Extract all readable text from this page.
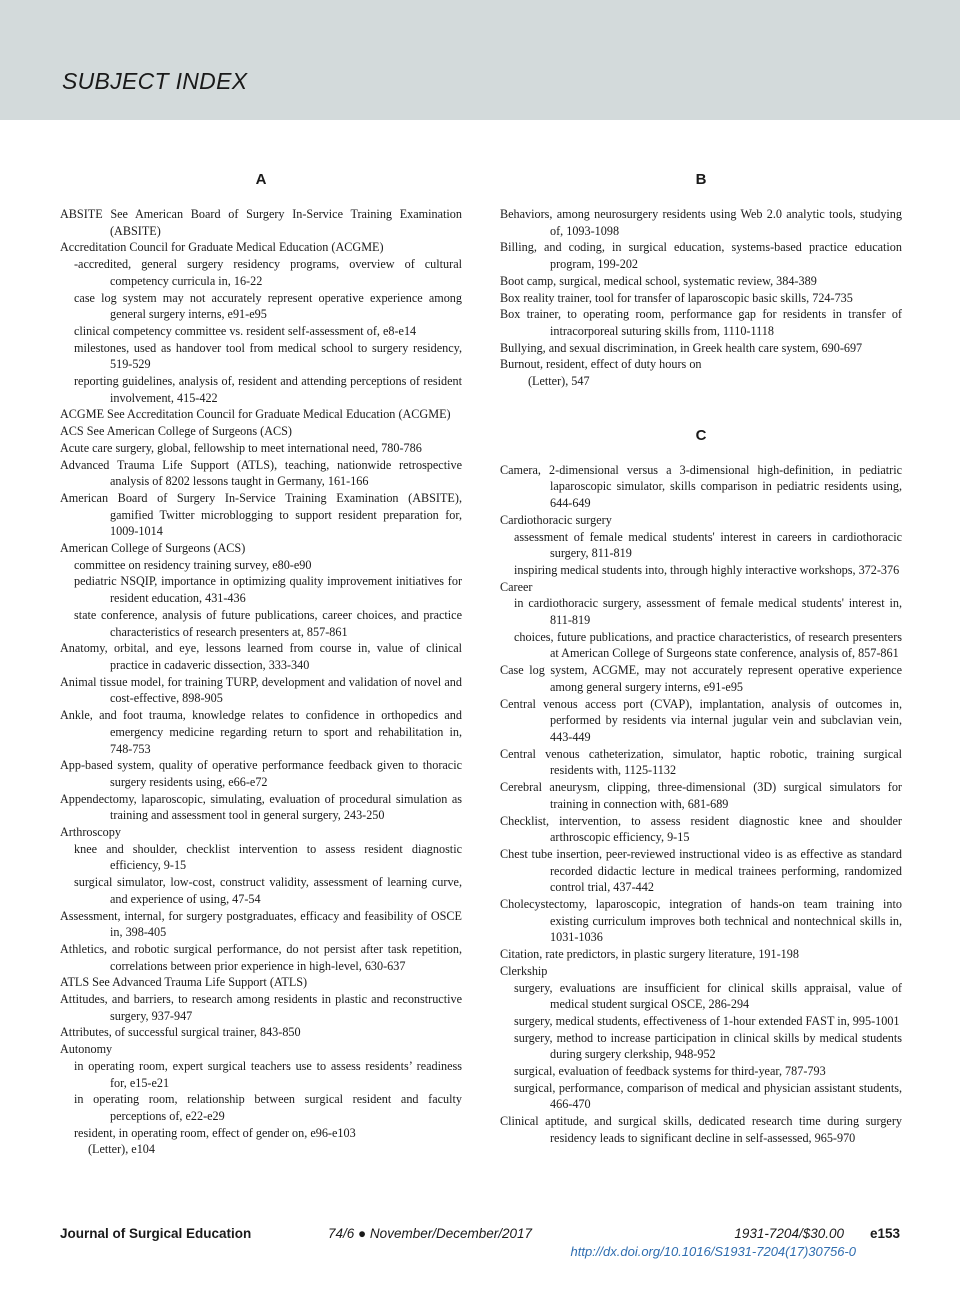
SUBJECT INDEX
A
ABSITE See American Board of Surgery In-Service Training Examination (ABSITE)
Accreditation Council for Graduate Medical Education (ACGME)
-accredited, general surgery residency programs, overview of cultural competency curricula in, 16-22
case log system may not accurately represent operative experience among general surgery interns, e91-e95
clinical competency committee vs. resident self-assessment of, e8-e14
milestones, used as handover tool from medical school to surgery residency, 519-529
reporting guidelines, analysis of, resident and attending perceptions of resident involvement, 415-422
ACGME See Accreditation Council for Graduate Medical Education (ACGME)
ACS See American College of Surgeons (ACS)
Acute care surgery, global, fellowship to meet international need, 780-786
Advanced Trauma Life Support (ATLS), teaching, nationwide retrospective analysis of 8202 lessons taught in Germany, 161-166
American Board of Surgery In-Service Training Examination (ABSITE), gamified Twitter microblogging to support resident preparation for, 1009-1014
American College of Surgeons (ACS)
committee on residency training survey, e80-e90
pediatric NSQIP, importance in optimizing quality improvement initiatives for resident education, 431-436
state conference, analysis of future publications, career choices, and practice characteristics of research presenters at, 857-861
Anatomy, orbital, and eye, lessons learned from course in, value of clinical practice in cadaveric dissection, 333-340
Animal tissue model, for training TURP, development and validation of novel and cost-effective, 898-905
Ankle, and foot trauma, knowledge relates to confidence in orthopedics and emergency medicine regarding return to sport and rehabilitation in, 748-753
App-based system, quality of operative performance feedback given to thoracic surgery residents using, e66-e72
Appendectomy, laparoscopic, simulating, evaluation of procedural simulation as training and assessment tool in general surgery, 243-250
Arthroscopy
knee and shoulder, checklist intervention to assess resident diagnostic efficiency, 9-15
surgical simulator, low-cost, construct validity, assessment of learning curve, and experience of using, 47-54
Assessment, internal, for surgery postgraduates, efficacy and feasibility of OSCE in, 398-405
Athletics, and robotic surgical performance, do not persist after task repetition, correlations between prior experience in high-level, 630-637
ATLS See Advanced Trauma Life Support (ATLS)
Attitudes, and barriers, to research among residents in plastic and reconstructive surgery, 937-947
Attributes, of successful surgical trainer, 843-850
Autonomy
in operating room, expert surgical teachers use to assess residents’ readiness for, e15-e21
in operating room, relationship between surgical resident and faculty perceptions of, e22-e29
resident, in operating room, effect of gender on, e96-e103
(Letter), e104
B
Behaviors, among neurosurgery residents using Web 2.0 analytic tools, studying of, 1093-1098
Billing, and coding, in surgical education, systems-based practice education program, 199-202
Boot camp, surgical, medical school, systematic review, 384-389
Box reality trainer, tool for transfer of laparoscopic basic skills, 724-735
Box trainer, to operating room, performance gap for residents in transfer of intracorporeal suturing skills from, 1110-1118
Bullying, and sexual discrimination, in Greek health care system, 690-697
Burnout, resident, effect of duty hours on
(Letter), 547
C
Camera, 2-dimensional versus a 3-dimensional high-definition, in pediatric laparoscopic simulator, skills comparison in pediatric residents using, 644-649
Cardiothoracic surgery
assessment of female medical students' interest in careers in cardiothoracic surgery, 811-819
inspiring medical students into, through highly interactive workshops, 372-376
Career
in cardiothoracic surgery, assessment of female medical students' interest in, 811-819
choices, future publications, and practice characteristics, of research presenters at American College of Surgeons state conference, analysis of, 857-861
Case log system, ACGME, may not accurately represent operative experience among general surgery interns, e91-e95
Central venous access port (CVAP), implantation, analysis of outcomes in, performed by residents via internal jugular vein and subclavian vein, 443-449
Central venous catheterization, simulator, haptic robotic, training surgical residents with, 1125-1132
Cerebral aneurysm, clipping, three-dimensional (3D) surgical simulators for training in connection with, 681-689
Checklist, intervention, to assess resident diagnostic knee and shoulder arthroscopic efficiency, 9-15
Chest tube insertion, peer-reviewed instructional video is as effective as standard recorded didactic lecture in medical trainees performing, randomized control trial, 437-442
Cholecystectomy, laparoscopic, integration of hands-on team training into existing curriculum improves both technical and nontechnical skills in, 1031-1036
Citation, rate predictors, in plastic surgery literature, 191-198
Clerkship
surgery, evaluations are insufficient for clinical skills appraisal, value of medical student surgical OSCE, 286-294
surgery, medical students, effectiveness of 1-hour extended FAST in, 995-1001
surgery, method to increase participation in clinical skills by medical students during surgery clerkship, 948-952
surgical, evaluation of feedback systems for third-year, 787-793
surgical, performance, comparison of medical and physician assistant students, 466-470
Clinical aptitude, and surgical skills, dedicated research time during surgery residency leads to significant decline in self-assessed, 965-970
Journal of Surgical Education	74/6 ● November/December/2017	1931-7204/$30.00 e153
http://dx.doi.org/10.1016/S1931-7204(17)30756-0
